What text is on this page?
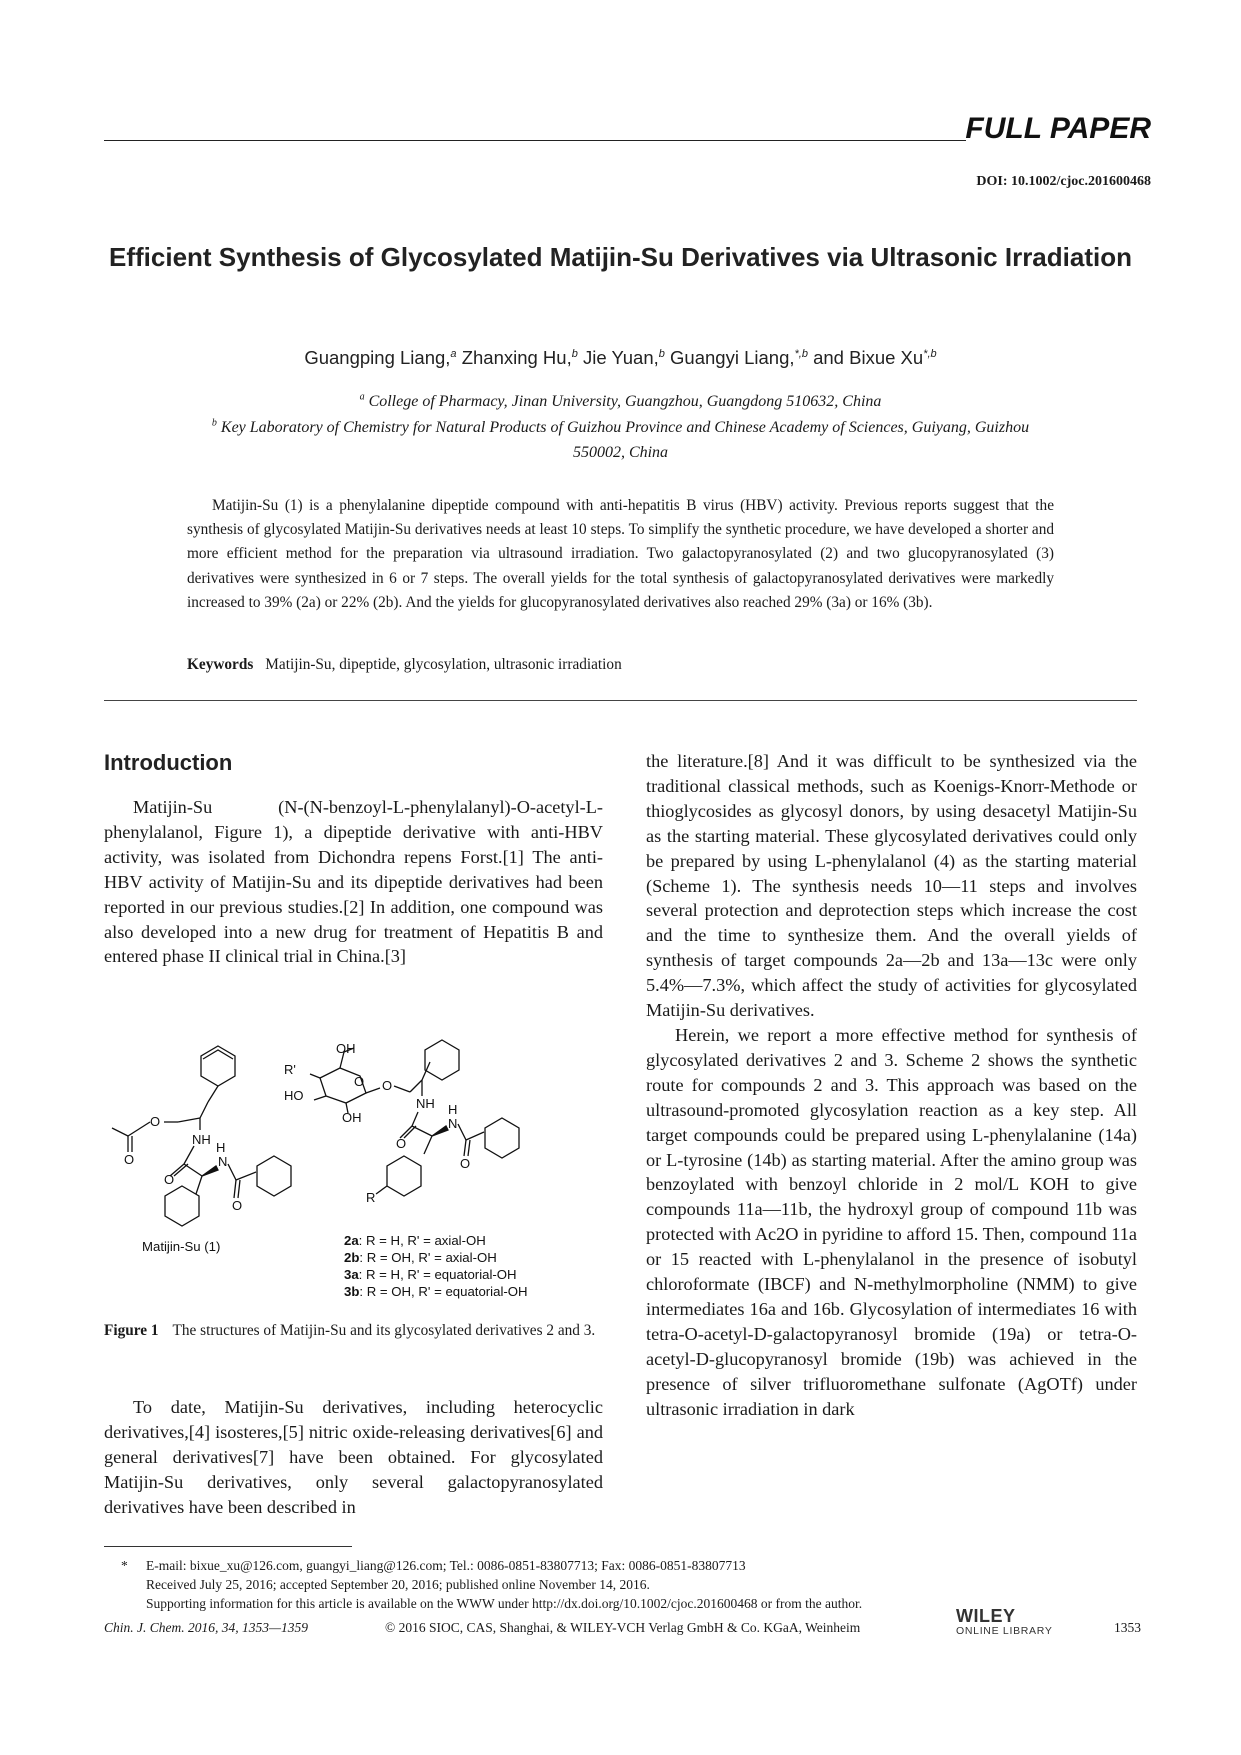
FULL PAPER
DOI: 10.1002/cjoc.201600468
Efficient Synthesis of Glycosylated Matijin-Su Derivatives via Ultrasonic Irradiation
Guangping Liang,$^a$ Zhanxing Hu,$^b$ Jie Yuan,$^b$ Guangyi Liang,$^{*,b}$ and Bixue $Xu^{*,b}$
$^a$ College of Pharmacy, Jinan University, Guangzhou, Guangdong 510632, China
$^b$ Key Laboratory of Chemistry for Natural Products of Guizhou Province and Chinese Academy of Sciences, Guiyang, Guizhou 550002, China

Matijin-Su (1) is a phenylalanine dipeptide compound with anti-hepatitis B virus (HBV) activity. Previous reports suggest that the synthesis of glycosylated Matijin-Su derivatives needs at least 10 steps. To simplify the synthetic procedure, we have developed a shorter and more efficient method for the preparation via ultrasound irradiation. Two galactopyranosylated (2) and two glucopyranosylated (3) derivatives were synthesized in 6 or 7 steps. The overall yields for the total synthesis of galactopyranosylated derivatives were markedly increased to 39% (2a) or 22% (2b). And the yields for glucopyranosylated derivatives also reached 29% (3a) or 16% (3b).

Keywords Matijin-Su, dipeptide, glycosylation, ultrasonic irradiation
Introduction

Matijin-Su (N-(N-benzoyl-L-phenylalanyl)-O-acetyl-L-phenylalanol, Figure 1), a dipeptide derivative with anti-HBV activity, was isolated from Dichondra repens Forst.[1] The anti-HBV activity of Matijin-Su and its dipeptide derivatives had been reported in our previous studies.[2] In addition, one compound was also developed into a new drug for treatment of Hepatitis B and entered phase II clinical trial in China.[3]

O
O
NH
O
N
H
O
OH
R'
HO
OH
O O
NH
O
N
H
O
R
Matijin-Su (1)	2a: R = H, R' = axial-OH
2b: R = OH, R' = axial-OH
3a: R = H, R' = equatorial-OH
3b: R = OH, R' = equatorial-OH
Figure 1 The structures of Matijin-Su and its glycosylated derivatives 2 and 3.

To date, Matijin-Su derivatives, including heterocyclic derivatives,[4] isosteres,[5] nitric oxide-releasing derivatives[6] and general derivatives[7] have been obtained. For glycosylated Matijin-Su derivatives, only several galactopyranosylated derivatives have been described in

the literature.[8] And it was difficult to be synthesized via the traditional classical methods, such as Koenigs-Knorr-Methode or thioglycosides as glycosyl donors, by using desacetyl Matijin-Su as the starting material. These glycosylated derivatives could only be prepared by using L-phenylalanol (4) as the starting material (Scheme 1). The synthesis needs 10—11 steps and involves several protection and deprotection steps which increase the cost and the time to synthesize them. And the overall yields of synthesis of target compounds 2a—2b and 13a—13c were only 5.4%—7.3%, which affect the study of activities for glycosylated Matijin-Su derivatives.

Herein, we report a more effective method for synthesis of glycosylated derivatives 2 and 3. Scheme 2 shows the synthetic route for compounds 2 and 3. This approach was based on the ultrasound-promoted glycosylation reaction as a key step. All target compounds could be prepared using L-phenylalanine (14a) or L-tyrosine (14b) as starting material. After the amino group was benzoylated with benzoyl chloride in 2 mol/L KOH to give compounds 11a—11b, the hydroxyl group of compound 11b was protected with Ac2O in pyridine to afford 15. Then, compound 11a or 15 reacted with L-phenylalanol in the presence of isobutyl chloroformate (IBCF) and N-methylmorpholine (NMM) to give intermediates 16a and 16b. Glycosylation of intermediates 16 with tetra-O-acetyl-D-galactopyranosyl bromide (19a) or tetra-O-acetyl-D-glucopyranosyl bromide (19b) was achieved in the presence of silver trifluoromethane sulfonate (AgOTf) under ultrasonic irradiation in dark

* E-mail: bixue_xu@126.com, guangyi_liang@126.com; Tel.: 0086-0851-83807713; Fax: 0086-0851-83807713
Received July 25, 2016; accepted September 20, 2016; published online November 14, 2016.
Supporting information for this article is available on the WWW under http://dx.doi.org/10.1002/cjoc.201600468 or from the author.
Chin. J. Chem. 2016, 34, 1353—1359	© 2016 SIOC, CAS, Shanghai, & WILEY-VCH Verlag GmbH & Co. KGaA, Weinheim
WILEY
ONLINE LIBRARY	1353
